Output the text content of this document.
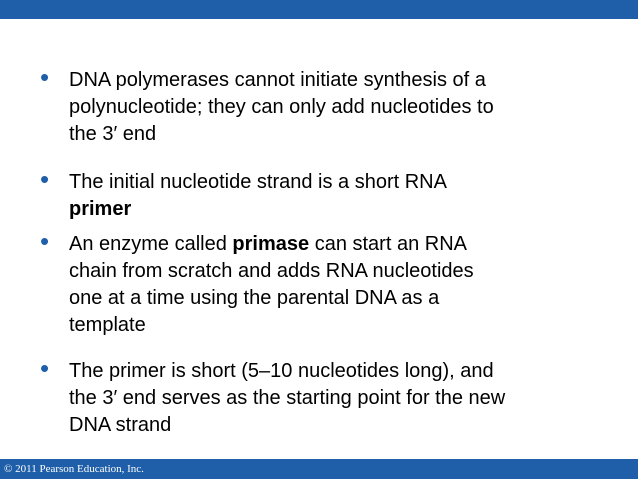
•
DNA polymerases cannot initiate synthesis of a
polynucleotide; they can only add nucleotides to
the 3′ end
•
The initial nucleotide strand is a short RNA
primer
•
An enzyme called primase can start an RNA
chain from scratch and adds RNA nucleotides
one at a time using the parental DNA as a
template
•
The primer is short (5–10 nucleotides long), and
the 3′ end serves as the starting point for the new
DNA strand
© 2011 Pearson Education, Inc.
